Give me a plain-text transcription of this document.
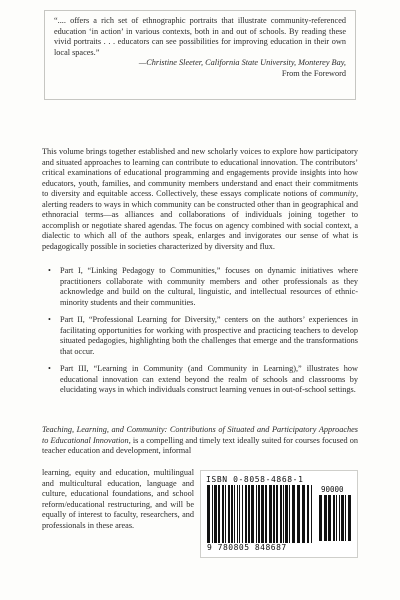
“.... offers a rich set of ethnographic portraits that illustrate community-referenced education ‘in action’ in various contexts, both in and out of schools. By reading these vivid portraits . . . educators can see possibilities for improving education in their own local spaces.”

—Christine Sleeter, California State University, Monterey Bay,

From the Foreword

This volume brings together established and new scholarly voices to explore how participatory and situated approaches to learning can contribute to educational innovation. The contributors’ critical examinations of educational programming and engagements provide insights into how educators, youth, families, and community members understand and enact their commitments to diversity and equitable access. Collectively, these essays complicate notions of community, alerting readers to ways in which community can be constructed other than in geographical and ethnoracial terms—as alliances and collaborations of individuals joining together to accomplish or negotiate shared agendas. The focus on agency combined with social context, a dialectic to which all of the authors speak, enlarges and invigorates our sense of what is pedagogically possible in societies characterized by diversity and flux.

• Part I, “Linking Pedagogy to Communities,” focuses on dynamic initiatives where practitioners collaborate with community members and other professionals as they acknowledge and build on the cultural, linguistic, and intellectual resources of ethnic-minority students and their communities.
• Part II, “Professional Learning for Diversity,” centers on the authors’ experiences in facilitating opportunities for working with prospective and practicing teachers to develop situated pedagogies, highlighting both the challenges that emerge and the transformations that occur.
• Part III, “Learning in Community (and Community in Learning),” illustrates how educational innovation can extend beyond the realm of schools and classrooms by elucidating ways in which individuals construct learning venues in out-of-school settings.

Teaching, Learning, and Community: Contributions of Situated and Participatory Approaches to Educational Innovation, is a compelling and timely text ideally suited for courses focused on teacher education and development, informal

learning, equity and education, multilingual and multicultural education, language and culture, educational foundations, and school reform/educational restructuring, and will be equally of interest to faculty, researchers, and professionals in these areas.

ISBN 0-8058-4868-1
90000
9 780805 848687
